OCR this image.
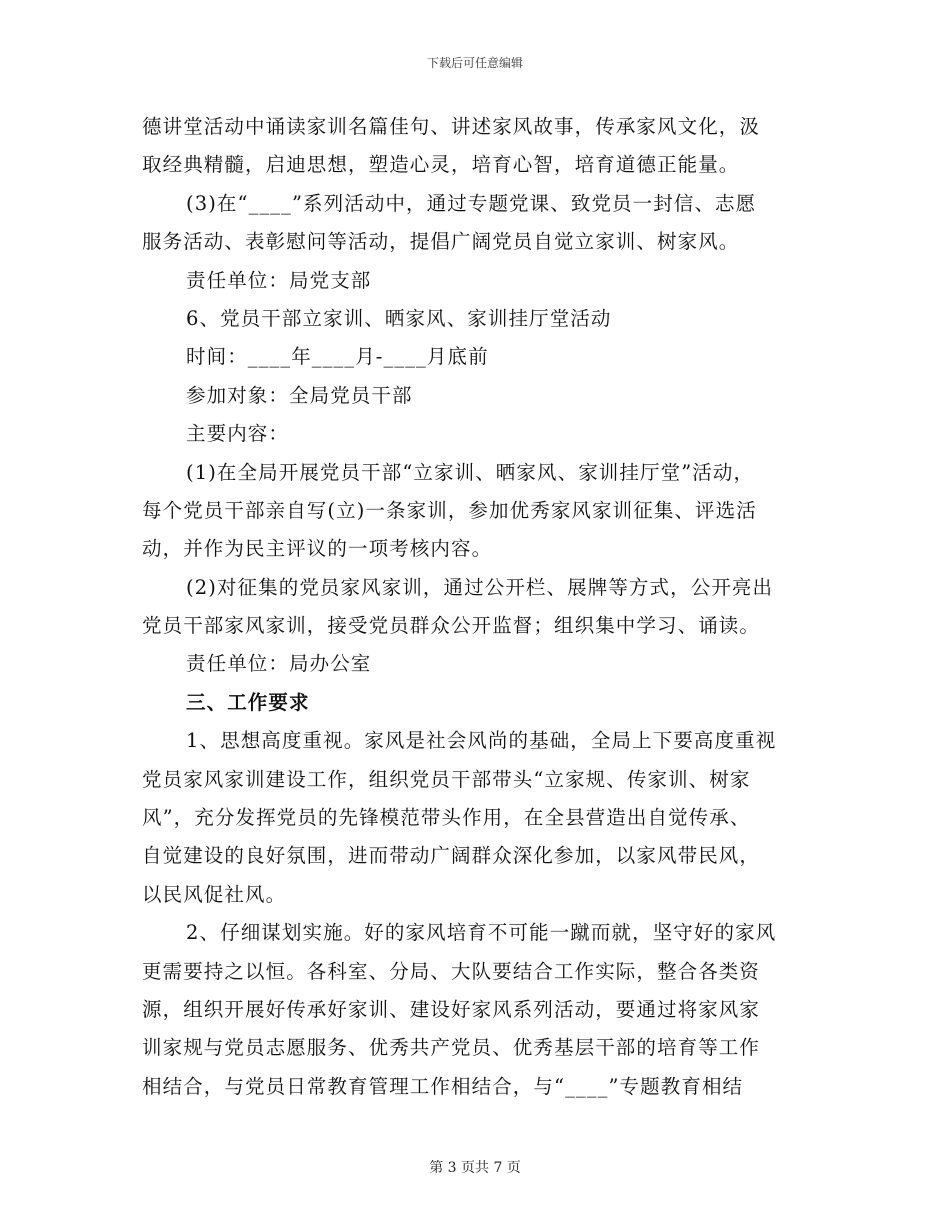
下载后可任意编辑
德讲堂活动中诵读家训名篇佳句、讲述家风故事，传承家风文化，汲
取经典精髓，启迪思想，塑造心灵，培育心智，培育道德正能量。
(3)在“____”系列活动中，通过专题党课、致党员一封信、志愿
服务活动、表彰慰问等活动，提倡广阔党员自觉立家训、树家风。
责任单位：局党支部
6、党员干部立家训、晒家风、家训挂厅堂活动
时间：____年____月-____月底前
参加对象：全局党员干部
主要内容：
(1)在全局开展党员干部“立家训、晒家风、家训挂厅堂”活动，
每个党员干部亲自写(立)一条家训，参加优秀家风家训征集、评选活
动，并作为民主评议的一项考核内容。
(2)对征集的党员家风家训，通过公开栏、展牌等方式，公开亮出
党员干部家风家训，接受党员群众公开监督；组织集中学习、诵读。
责任单位：局办公室
三、工作要求
1、思想高度重视。家风是社会风尚的基础，全局上下要高度重视
党员家风家训建设工作，组织党员干部带头“立家规、传家训、树家
风”，充分发挥党员的先锋模范带头作用，在全县营造出自觉传承、
自觉建设的良好氛围，进而带动广阔群众深化参加，以家风带民风，
以民风促社风。
2、仔细谋划实施。好的家风培育不可能一蹴而就，坚守好的家风
更需要持之以恒。各科室、分局、大队要结合工作实际，整合各类资
源，组织开展好传承好家训、建设好家风系列活动，要通过将家风家
训家规与党员志愿服务、优秀共产党员、优秀基层干部的培育等工作
相结合，与党员日常教育管理工作相结合，与“____”专题教育相结
第 3 页共 7 页
